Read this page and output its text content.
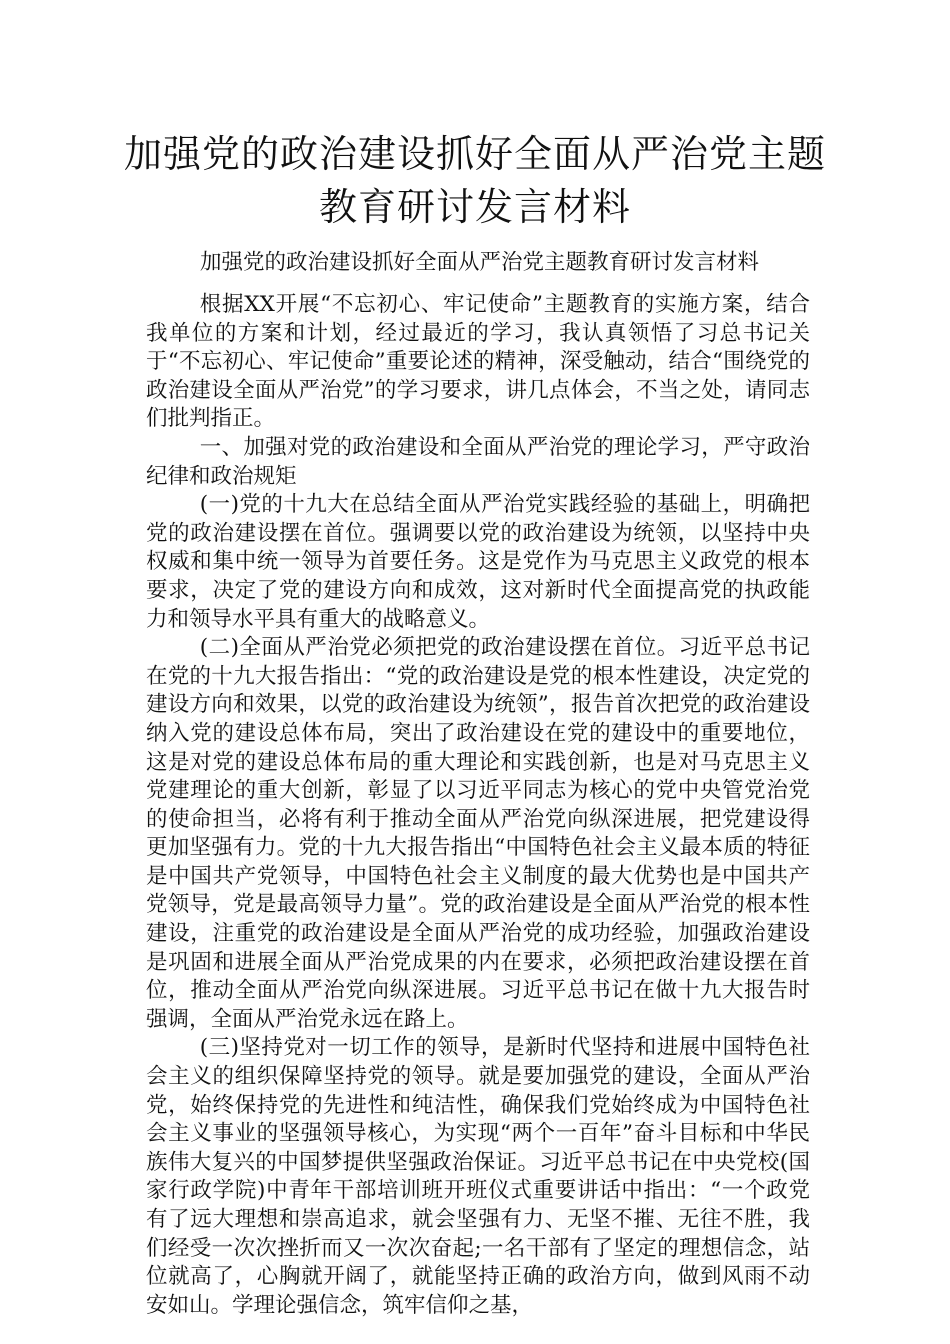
加强党的政治建设抓好全面从严治党主题
教育研讨发言材料

加强党的政治建设抓好全面从严治党主题教育研讨发言材料

根据XX开展“不忘初心、牢记使命”主题教育的实施方案，结合我单位的方案和计划，经过最近的学习，我认真领悟了习总书记关于“不忘初心、牢记使命”重要论述的精神，深受触动，结合“围绕党的政治建设全面从严治党”的学习要求，讲几点体会，不当之处，请同志们批判指正。

一、加强对党的政治建设和全面从严治党的理论学习，严守政治纪律和政治规矩

(一)党的十九大在总结全面从严治党实践经验的基础上，明确把党的政治建设摆在首位。强调要以党的政治建设为统领，以坚持中央权威和集中统一领导为首要任务。这是党作为马克思主义政党的根本要求，决定了党的建设方向和成效，这对新时代全面提高党的执政能力和领导水平具有重大的战略意义。

(二)全面从严治党必须把党的政治建设摆在首位。习近平总书记在党的十九大报告指出：“党的政治建设是党的根本性建设，决定党的建设方向和效果，以党的政治建设为统领”，报告首次把党的政治建设纳入党的建设总体布局，突出了政治建设在党的建设中的重要地位，这是对党的建设总体布局的重大理论和实践创新，也是对马克思主义党建理论的重大创新，彰显了以习近平同志为核心的党中央管党治党的使命担当，必将有利于推动全面从严治党向纵深进展，把党建设得更加坚强有力。党的十九大报告指出“中国特色社会主义最本质的特征是中国共产党领导，中国特色社会主义制度的最大优势也是中国共产党领导，党是最高领导力量”。党的政治建设是全面从严治党的根本性建设，注重党的政治建设是全面从严治党的成功经验，加强政治建设是巩固和进展全面从严治党成果的内在要求，必须把政治建设摆在首位，推动全面从严治党向纵深进展。习近平总书记在做十九大报告时强调，全面从严治党永远在路上。

(三)坚持党对一切工作的领导，是新时代坚持和进展中国特色社会主义的组织保障坚持党的领导。就是要加强党的建设，全面从严治党，始终保持党的先进性和纯洁性，确保我们党始终成为中国特色社会主义事业的坚强领导核心，为实现“两个一百年”奋斗目标和中华民族伟大复兴的中国梦提供坚强政治保证。习近平总书记在中央党校(国家行政学院)中青年干部培训班开班仪式重要讲话中指出：“一个政党有了远大理想和崇高追求，就会坚强有力、无坚不摧、无往不胜，我们经受一次次挫折而又一次次奋起;一名干部有了坚定的理想信念，站位就高了，心胸就开阔了，就能坚持正确的政治方向，做到风雨不动安如山。学理论强信念，筑牢信仰之基，
